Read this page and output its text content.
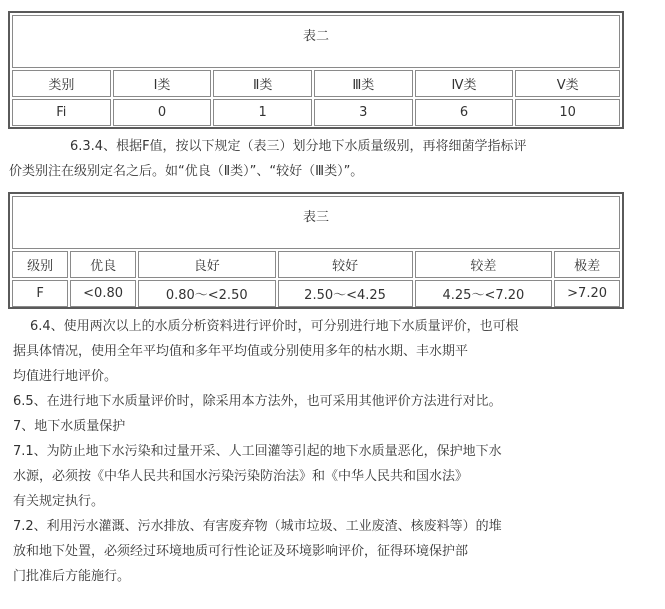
表二					
类别	Ⅰ类	Ⅱ类	Ⅲ类	Ⅳ类	Ⅴ类
Fi	0	1	3	6	10
6.3.4、根据F值，按以下规定（表三）划分地下水质量级别，再将细菌学指标评
价类别注在级别定名之后。如“优良（Ⅱ类）”、“较好（Ⅲ类）”。
表三					
级别	优良	良好	较好	较差	极差
F	<0.80	0.80～<2.50	2.50～<4.25	4.25～<7.20	>7.20
6.4、使用两次以上的水质分析资料进行评价时，可分别进行地下水质量评价，也可根
据具体情况，使用全年平均值和多年平均值或分别使用多年的枯水期、丰水期平
均值进行地评价。
6.5、在进行地下水质量评价时，除采用本方法外，也可采用其他评价方法进行对比。
7、地下水质量保护
7.1、为防止地下水污染和过量开采、人工回灌等引起的地下水质量恶化，保护地下水
水源，必须按《中华人民共和国水污染污染防治法》和《中华人民共和国水法》
有关规定执行。
7.2、利用污水灌溉、污水排放、有害废弃物（城市垃圾、工业废渣、核废料等）的堆
放和地下处置，必须经过环境地质可行性论证及环境影响评价，征得环境保护部
门批准后方能施行。
